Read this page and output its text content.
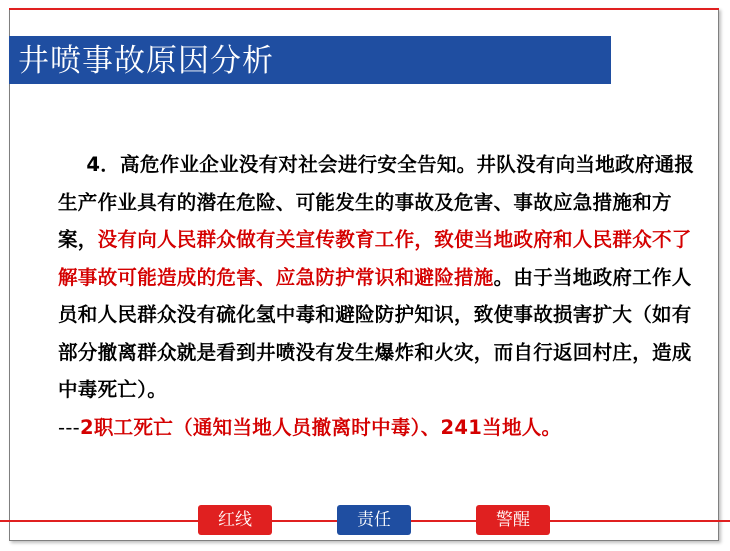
井喷事故原因分析
4．高危作业企业没有对社会进行安全告知。井队没有向当地政府通报生产作业具有的潜在危险、可能发生的事故及危害、事故应急措施和方案，没有向人民群众做有关宣传教育工作，致使当地政府和人民群众不了解事故可能造成的危害、应急防护常识和避险措施。由于当地政府工作人员和人民群众没有硫化氢中毒和避险防护知识，致使事故损害扩大（如有部分撤离群众就是看到井喷没有发生爆炸和火灾，而自行返回村庄，造成中毒死亡）。
---2职工死亡（通知当地人员撤离时中毒）、241当地人。
红线	责任	警醒
